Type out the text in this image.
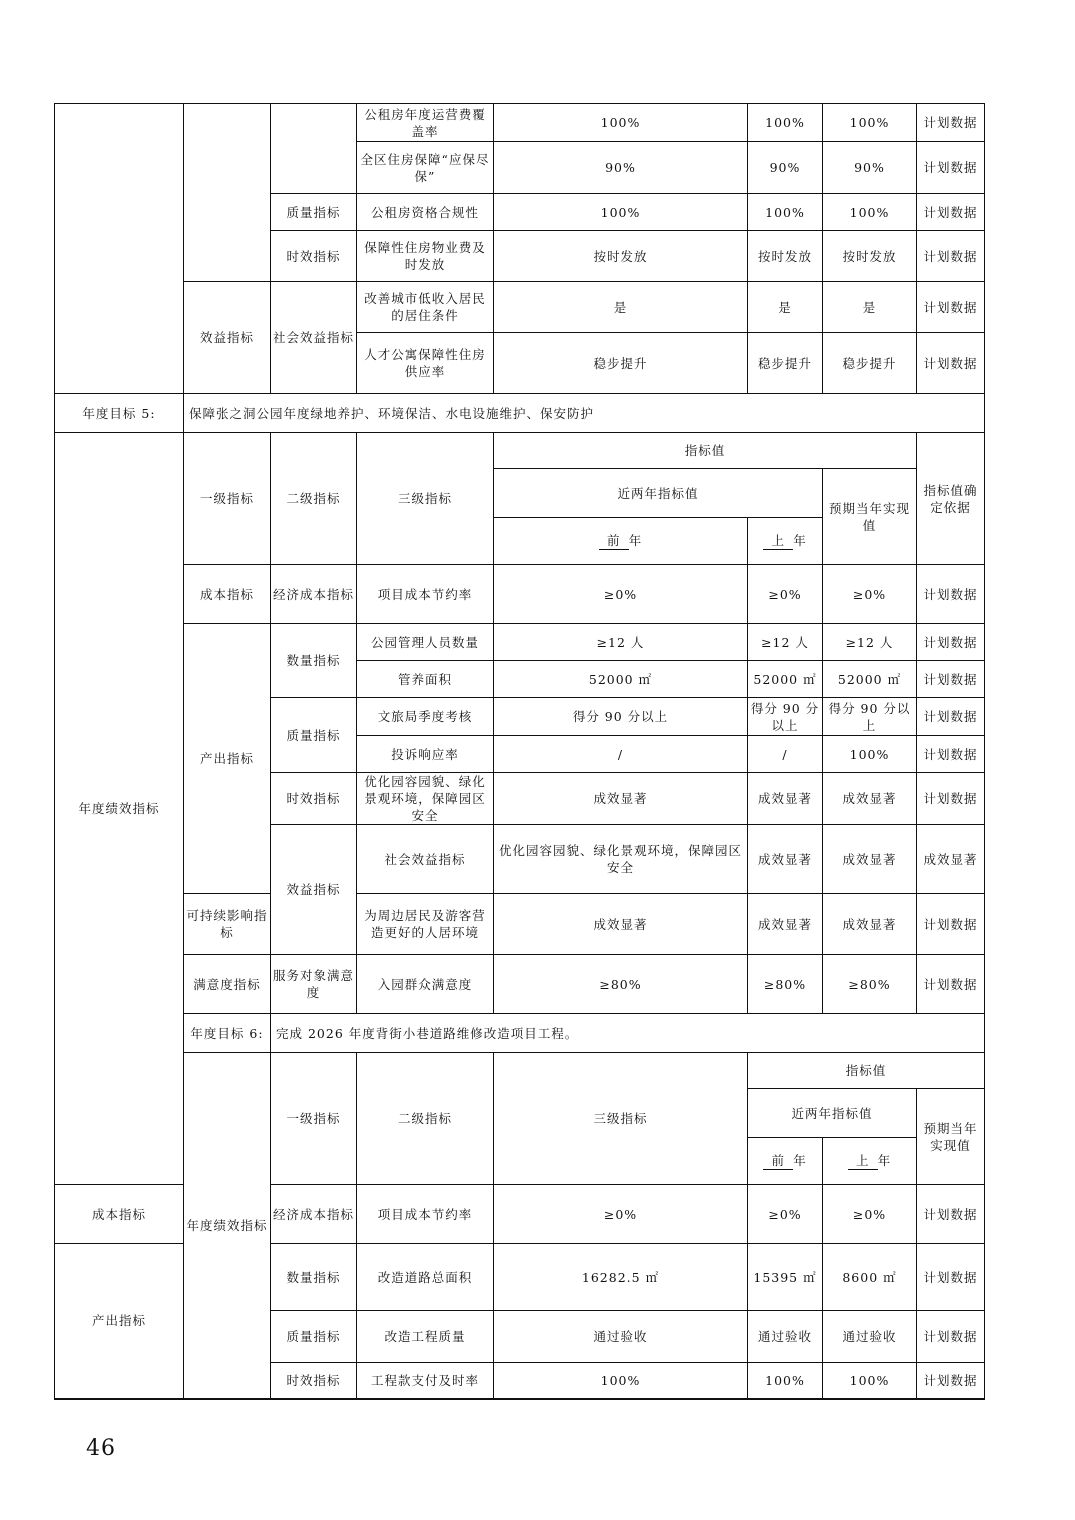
			公租房年度运营费覆盖率	100%	100%	100%	计划数据	
			全区住房保障“应保尽保”	90%	90%	90%	计划数据	
		质量指标	公租房资格合规性	100%	100%	100%	计划数据	
		时效指标	保障性住房物业费及时发放	按时发放	按时发放	按时发放	计划数据	
	效益指标	社会效益指标	改善城市低收入居民的居住条件	是	是	是	计划数据	
			人才公寓保障性住房供应率	稳步提升	稳步提升	稳步提升	计划数据	
年度目标 5:	保障张之洞公园年度绿地养护、环境保洁、水电设施维护、保安防护							
年度绩效指标	一级指标	二级指标	三级指标	指标值			指标值确定依据	
				近两年指标值		预期当年实现值		
				前 年	上 年			
	成本指标	经济成本指标	项目成本节约率	≥0%	≥0%	≥0%	计划数据	
	产出指标	数量指标	公园管理人员数量	≥12 人	≥12 人	≥12 人	计划数据	
			管养面积	52000 ㎡	52000 ㎡	52000 ㎡	计划数据	
		质量指标	文旅局季度考核	得分 90 分以上	得分 90 分以上	得分 90 分以上	计划数据	
			投诉响应率	/	/	100%	计划数据	
		时效指标	优化园容园貌、绿化景观环境，保障园区安全	成效显著	成效显著	成效显著	计划数据	
		效益指标	社会效益指标	优化园容园貌、绿化景观环境，保障园区安全	成效显著	成效显著	成效显著	
	可持续影响指标		为周边居民及游客营造更好的人居环境	成效显著	成效显著	成效显著	计划数据	
	满意度指标	服务对象满意度	入园群众满意度	≥80%	≥80%	≥80%	计划数据	
	年度目标 6:	完成 2026 年度背街小巷道路维修改造项目工程。						
	年度绩效指标	一级指标	二级指标	三级指标	指标值	
					近两年指标值		预期当年实现值	
					前 年	上 年		
成本指标		经济成本指标	项目成本节约率	≥0%	≥0%	≥0%	计划数据	
产出指标		数量指标	改造道路总面积	16282.5 ㎡	15395 ㎡	8600 ㎡	计划数据	
		质量指标	改造工程质量	通过验收	通过验收	通过验收	计划数据	
		时效指标	工程款支付及时率	100%	100%	100%	计划数据	
46
